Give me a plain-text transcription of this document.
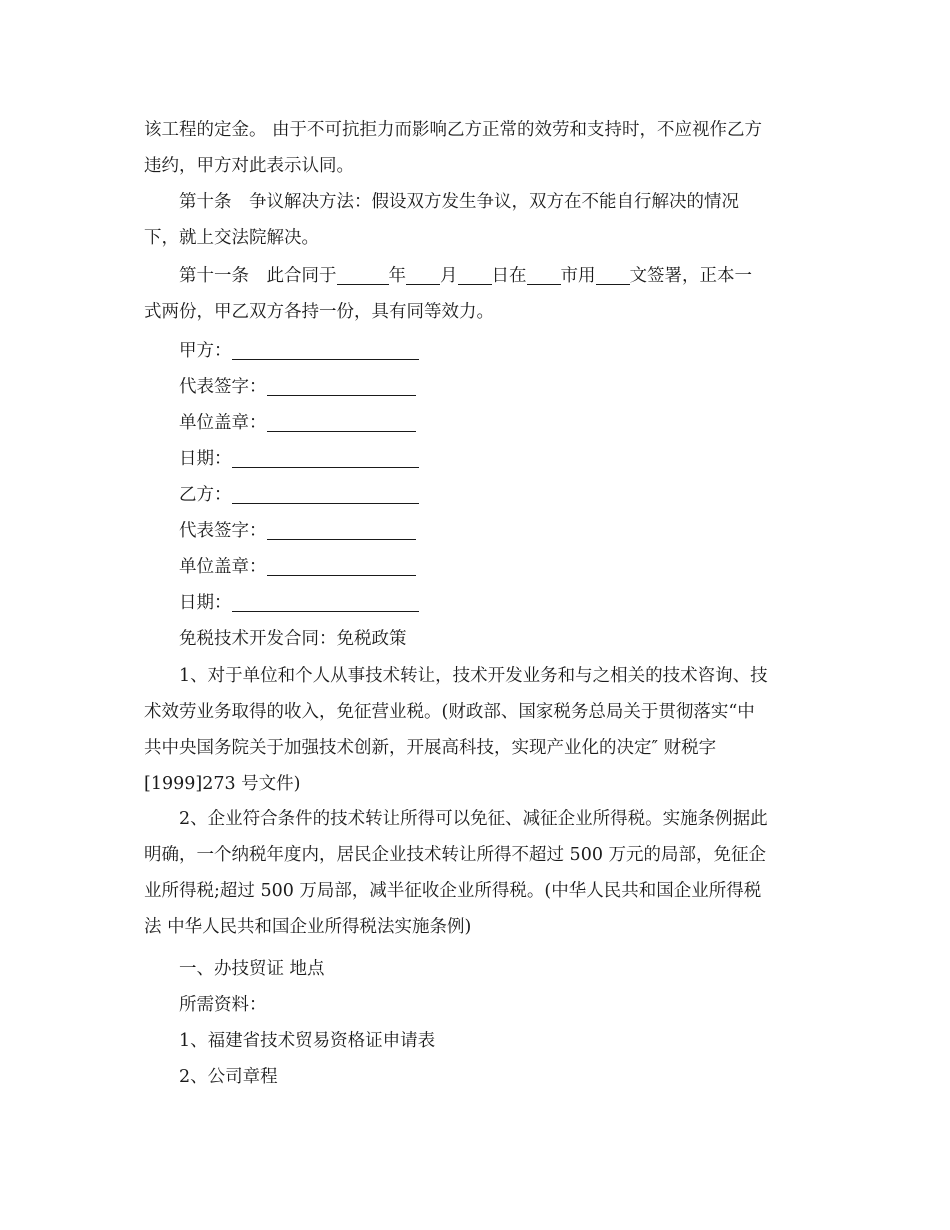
该工程的定金。 由于不可抗拒力而影响乙方正常的效劳和支持时，不应视作乙方
违约，甲方对此表示认同。

第十条　争议解决方法：假设双方发生争议，双方在不能自行解决的情况
下，就上交法院解决。

第十一条　此合同于	年 月 日在 市用 文签署，正本一
式两份，甲乙双方各持一份，具有同等效力。

甲方：

代表签字：

单位盖章：

日期：

乙方：

代表签字：

单位盖章：

日期：

免税技术开发合同：免税政策

1、对于单位和个人从事技术转让，技术开发业务和与之相关的技术咨询、技
术效劳业务取得的收入，免征营业税。(财政部、国家税务总局关于贯彻落实“中
共中央国务院关于加强技术创新，开展高科技，实现产业化的决定″ 财税字
[1999]273 号文件)

2、企业符合条件的技术转让所得可以免征、减征企业所得税。实施条例据此
明确，一个纳税年度内，居民企业技术转让所得不超过 500 万元的局部，免征企
业所得税;超过 500 万局部，减半征收企业所得税。(中华人民共和国企业所得税
法 中华人民共和国企业所得税法实施条例)

一、办技贸证 地点

所需资料：

1、福建省技术贸易资格证申请表

2、公司章程
